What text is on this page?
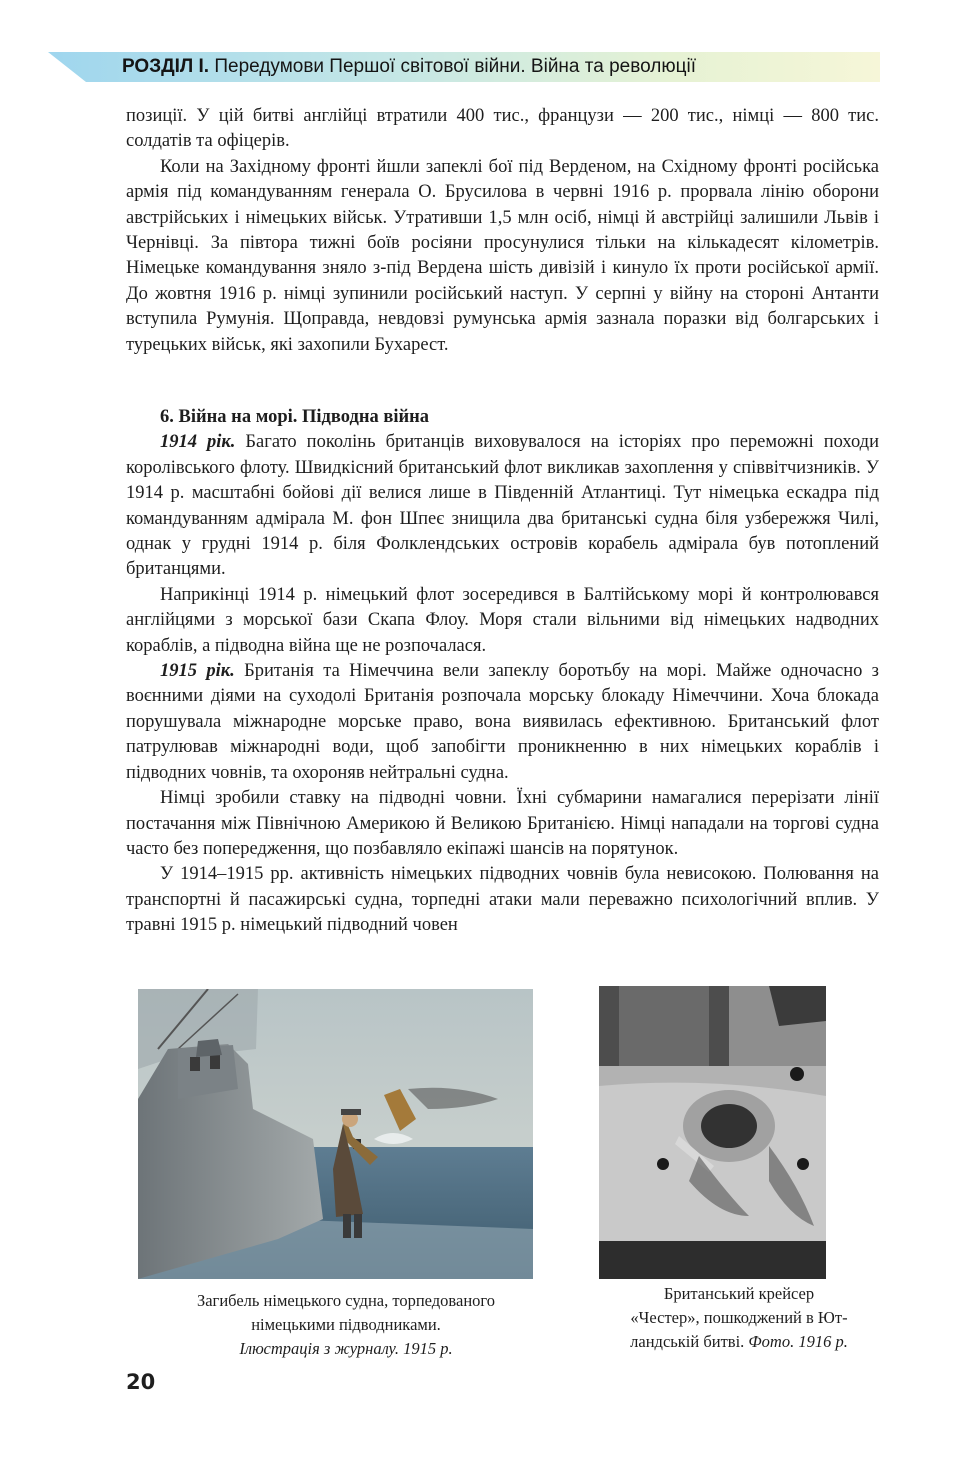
РОЗДІЛ І. Передумови Першої світової війни. Війна та революції

позиції. У цій битві англійці втратили 400 тис., французи — 200 тис., німці — 800 тис. солдатів та офіцерів.

Коли на Західному фронті йшли запеклі бої під Верденом, на Східному фронті російська армія під командуванням генерала О. Брусилова в червні 1916 р. прорвала лінію оборони австрійських і німецьких військ. Утративши 1,5 млн осіб, німці й австрійці залишили Львів і Чернівці. За півтора тижні боїв росіяни просунулися тільки на кількадесят кілометрів. Німецьке командування зняло з-під Вердена шість дивізій і кинуло їх проти російської армії. До жовтня 1916 р. німці зупинили російський наступ. У серпні у війну на стороні Антанти вступила Румунія. Щоправда, невдовзі румунська армія зазнала поразки від болгарських і турецьких військ, які захопили Бухарест.

6. Війна на морі. Підводна війна

1914 рік. Багато поколінь британців виховувалося на історіях про переможні походи королівського флоту. Швидкісний британський флот викликав захоплення у співвітчизників. У 1914 р. масштабні бойові дії велися лише в Південній Атлантиці. Тут німецька ескадра під командуванням адмірала М. фон Шпеє знищила два британські судна біля узбережжя Чилі, однак у грудні 1914 р. біля Фолклендських островів корабель адмірала був потоплений британцями.

Наприкінці 1914 р. німецький флот зосередився в Балтійському морі й контролювався англійцями з морської бази Скапа Флоу. Моря стали вільними від німецьких надводних кораблів, а підводна війна ще не розпочалася.

1915 рік. Британія та Німеччина вели запеклу боротьбу на морі. Майже одночасно з воєнними діями на суходолі Британія розпочала морську блокаду Німеччини. Хоча блокада порушувала міжнародне морське право, вона виявилась ефективною. Британський флот патрулював міжнародні води, щоб запобігти проникненню в них німецьких кораблів і підводних човнів, та охороняв нейтральні судна.

Німці зробили ставку на підводні човни. Їхні субмарини намагалися перерізати лінії постачання між Північною Америкою й Великою Британією. Німці нападали на торгові судна часто без попередження, що позбавляло екіпажі шансів на порятунок.

У 1914–1915 рр. активність німецьких підводних човнів була невисокою. Полювання на транспортні й пасажирські судна, торпедні атаки мали переважно психологічний вплив. У травні 1915 р. німецький підводний човен

Загибель німецького судна, торпедованого
німецькими підводниками.
Ілюстрація з журналу. 1915 р.
Британський крейсер
«Честер», пошкоджений в Ют-
ландській битві. Фото. 1916 р.
20
